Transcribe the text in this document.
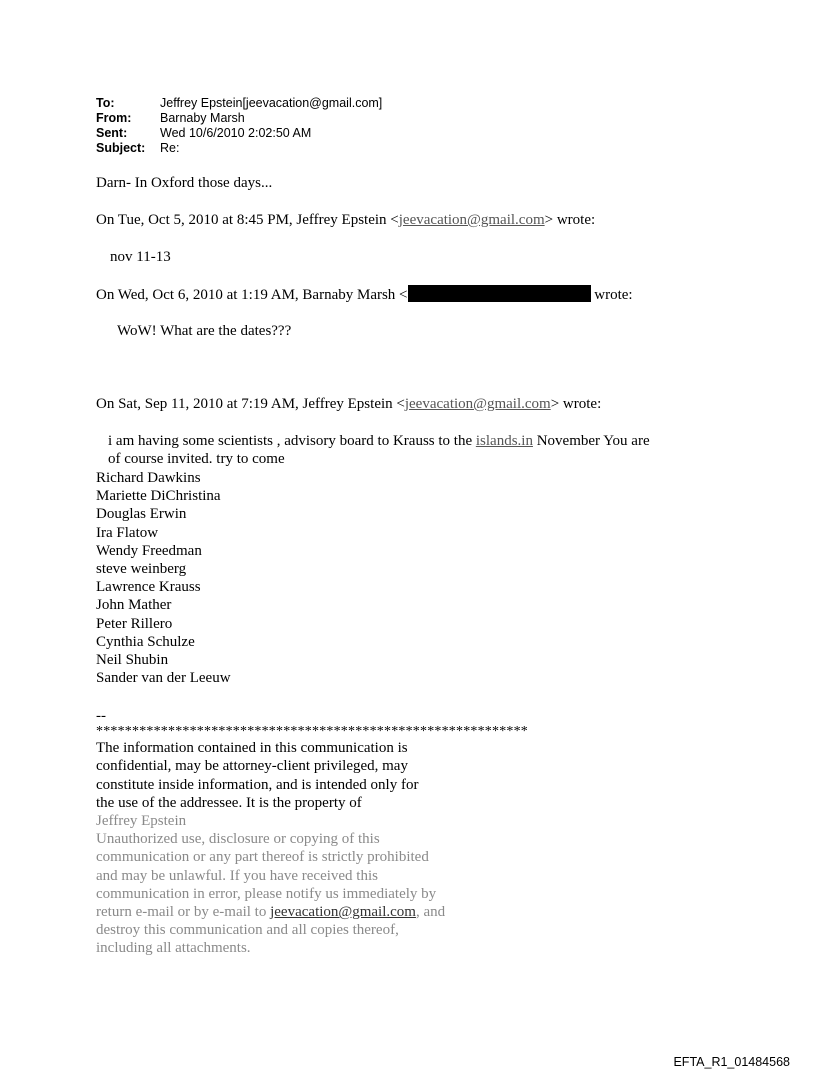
To:	Jeffrey Epstein[jeevacation@gmail.com]
From:	Barnaby Marsh
Sent:	Wed 10/6/2010 2:02:50 AM
Subject:	Re:
Darn- In Oxford those days...
On Tue, Oct 5, 2010 at 8:45 PM, Jeffrey Epstein <jeevacation@gmail.com> wrote:
nov 11-13
On Wed, Oct 6, 2010 at 1:19 AM, Barnaby Marsh <	wrote:
WoW! What are the dates???
On Sat, Sep 11, 2010 at 7:19 AM, Jeffrey Epstein <jeevacation@gmail.com> wrote:
i am having some scientists , advisory board to Krauss to the islands.in November You are
of course invited. try to come
Richard Dawkins
Mariette DiChristina
Douglas Erwin
Ira Flatow
Wendy Freedman
steve weinberg
Lawrence Krauss
John Mather
Peter Rillero
Cynthia Schulze
Neil Shubin
Sander van der Leeuw
--
************************************************************
The information contained in this communication is
confidential, may be attorney-client privileged, may
constitute inside information, and is intended only for
the use of the addressee. It is the property of
Jeffrey Epstein
Unauthorized use, disclosure or copying of this
communication or any part thereof is strictly prohibited
and may be unlawful. If you have received this
communication in error, please notify us immediately by
return e-mail or by e-mail to jeevacation@gmail.com, and
destroy this communication and all copies thereof,
including all attachments.
EFTA_R1_01484568
